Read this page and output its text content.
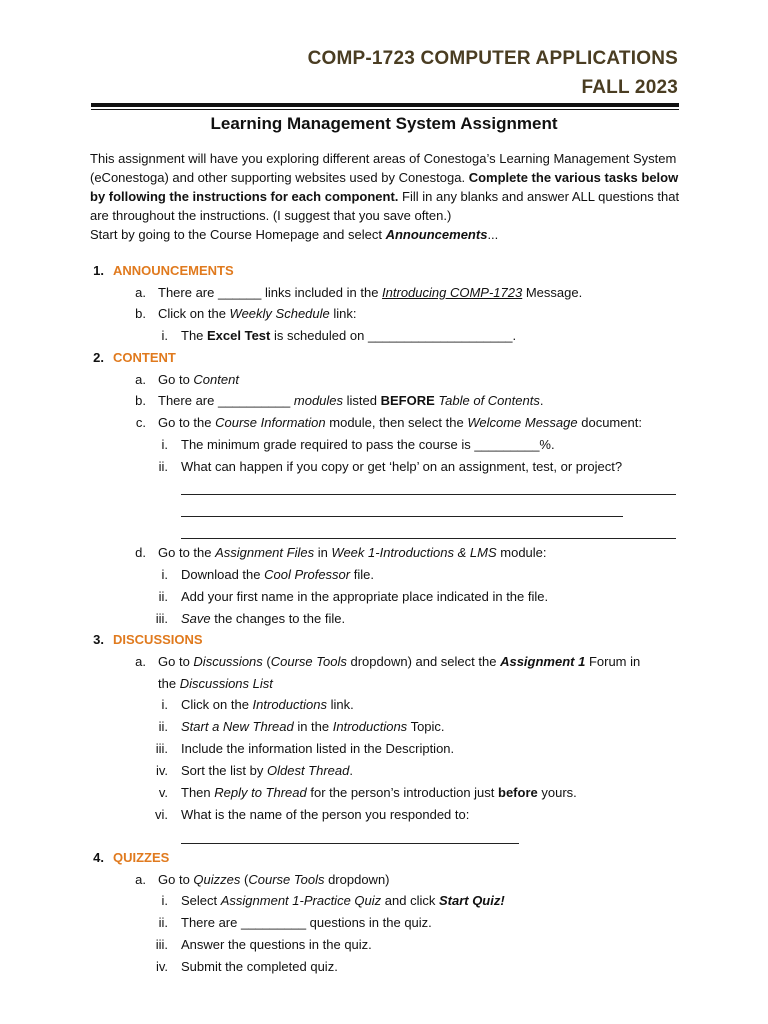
COMP-1723 COMPUTER APPLICATIONS
FALL 2023
Learning Management System Assignment
This assignment will have you exploring different areas of Conestoga’s Learning Management System (eConestoga) and other supporting websites used by Conestoga. Complete the various tasks below by following the instructions for each component. Fill in any blanks and answer ALL questions that are throughout the instructions. (I suggest that you save often.)
Start by going to the Course Homepage and select Announcements...
1. ANNOUNCEMENTS
a. There are ______ links included in the Introducing COMP-1723 Message.
b. Click on the Weekly Schedule link:
i. The Excel Test is scheduled on ____________________.
2. CONTENT
a. Go to Content
b. There are __________ modules listed BEFORE Table of Contents.
c. Go to the Course Information module, then select the Welcome Message document:
i. The minimum grade required to pass the course is _________%.
ii. What can happen if you copy or get ‘help’ on an assignment, test, or project?
d. Go to the Assignment Files in Week 1-Introductions & LMS module:
i. Download the Cool Professor file.
ii. Add your first name in the appropriate place indicated in the file.
iii. Save the changes to the file.
3. DISCUSSIONS
a. Go to Discussions (Course Tools dropdown) and select the Assignment 1 Forum in
the Discussions List
i. Click on the Introductions link.
ii. Start a New Thread in the Introductions Topic.
iii. Include the information listed in the Description.
iv. Sort the list by Oldest Thread.
v. Then Reply to Thread for the person’s introduction just before yours.
vi. What is the name of the person you responded to:
4. QUIZZES
a. Go to Quizzes (Course Tools dropdown)
i. Select Assignment 1-Practice Quiz and click Start Quiz!
ii. There are _________ questions in the quiz.
iii. Answer the questions in the quiz.
iv. Submit the completed quiz.
